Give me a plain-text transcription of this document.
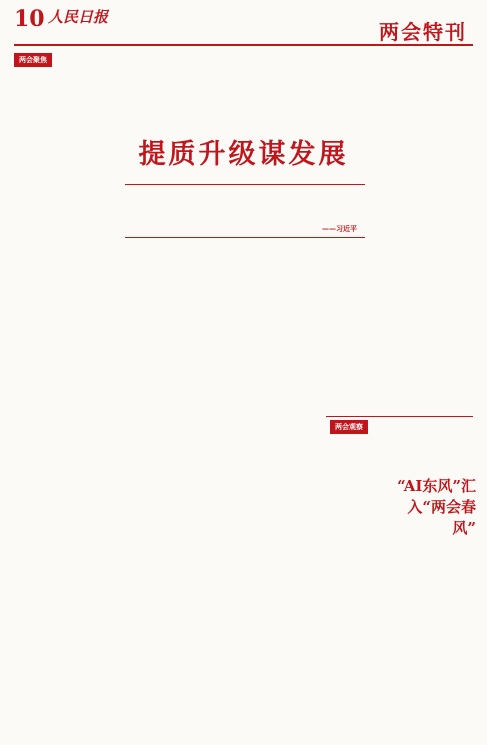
10 人民日报
两会特刊
两会聚焦
提质升级谋发展
——习近平
两会观察
“AI东风”汇入“两会春风”
